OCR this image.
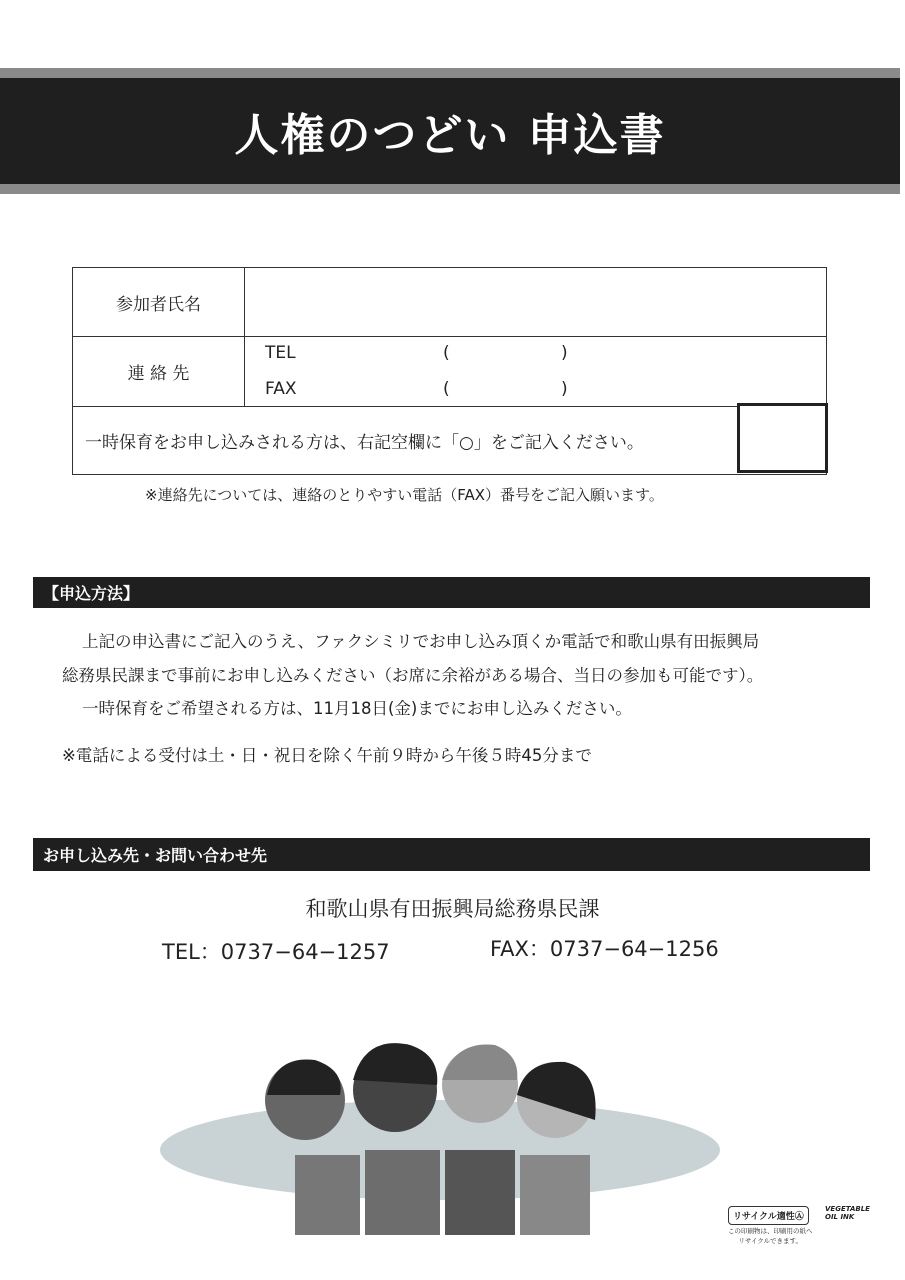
人権のつどい 申込書
参加者氏名
連 絡 先
TEL	(	)
FAX	(	)
一時保育をお申し込みされる方は、右記空欄に「○」をご記入ください。
※連絡先については、連絡のとりやすい電話（FAX）番号をご記入願います。
【申込方法】
上記の申込書にご記入のうえ、ファクシミリでお申し込み頂くか電話で和歌山県有田振興局
総務県民課まで事前にお申し込みください（お席に余裕がある場合、当日の参加も可能です）。
一時保育をご希望される方は、11月18日(金)までにお申し込みください。
※電話による受付は土・日・祝日を除く午前９時から午後５時45分まで
お申し込み先・お問い合わせ先
和歌山県有田振興局総務県民課
TEL：0737−64−1257	FAX：0737−64−1256
リサイクル適性Ⓐ
この印刷物は、印刷用の紙へ
リサイクルできます。
VEGETABLE
OIL INK
